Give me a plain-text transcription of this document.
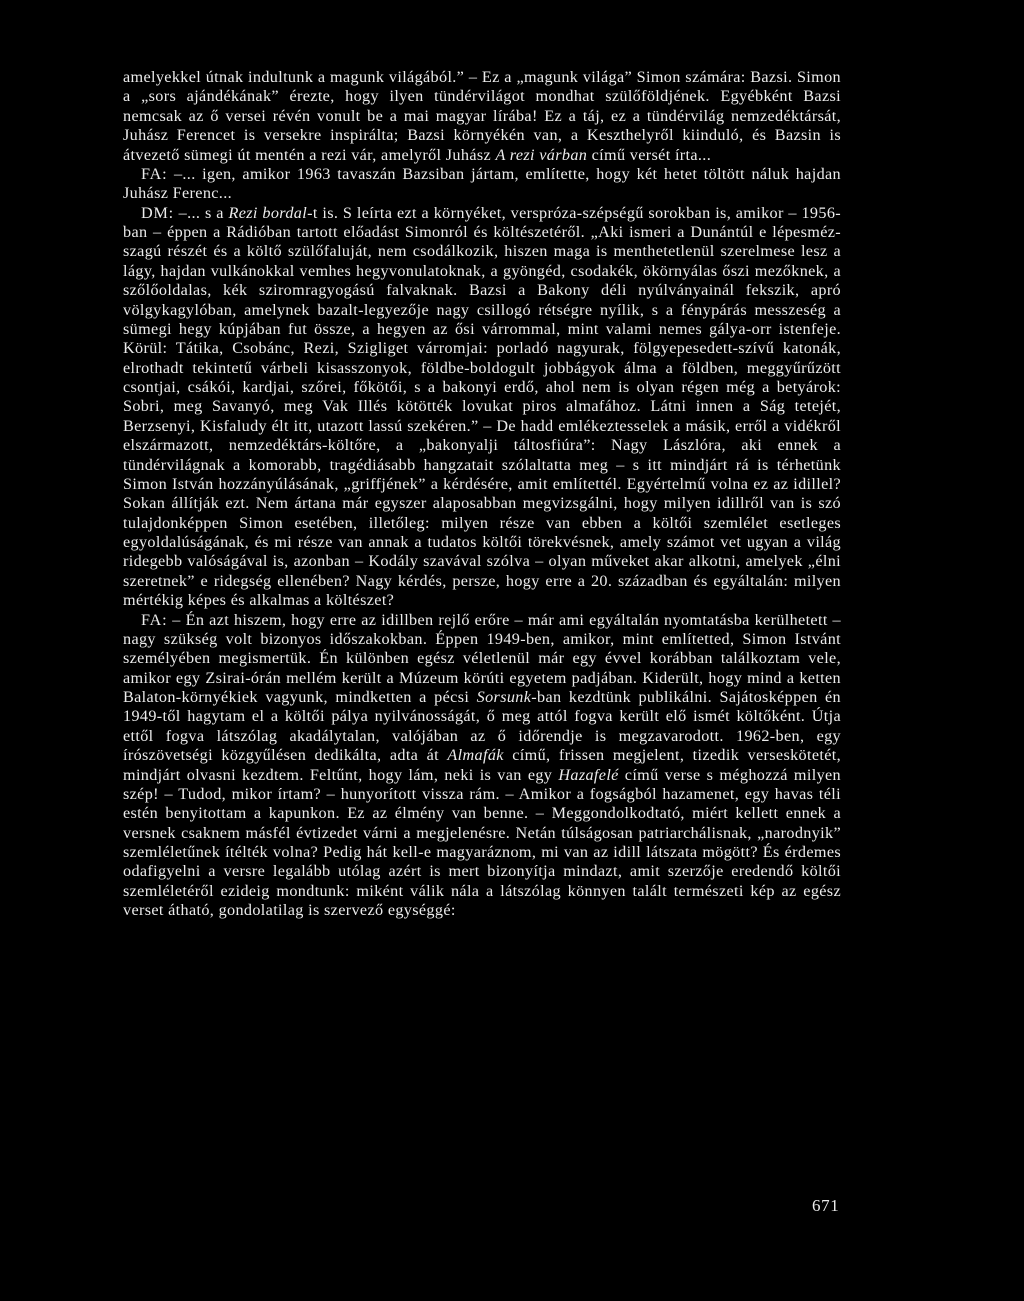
amelyekkel útnak indultunk a magunk világából.” – Ez a „magunk világa” Simon számára: Bazsi. Simon a „sors ajándékának” érezte, hogy ilyen tündérvilágot mondhat szülőföldjének. Egyébként Bazsi nemcsak az ő versei révén vonult be a mai magyar lírába! Ez a táj, ez a tündérvilág nemzedéktársát, Juhász Ferencet is versekre inspirálta; Bazsi környékén van, a Keszthelyről kiinduló, és Bazsin is átvezető sümegi út mentén a rezi vár, amelyről Juhász A rezi várban című versét írta...

FA: –... igen, amikor 1963 tavaszán Bazsiban jártam, említette, hogy két hetet töltött náluk hajdan Juhász Ferenc...

DM: –... s a Rezi bordal-t is. S leírta ezt a környéket, verspróza-szépségű sorokban is, amikor – 1956-ban – éppen a Rádióban tartott előadást Simonról és költészetéről. „Aki ismeri a Dunántúl e lépesméz-szagú részét és a költő szülőfaluját, nem csodálkozik, hiszen maga is menthetetlenül szerelmese lesz a lágy, hajdan vulkánokkal vemhes hegyvonulatoknak, a gyöngéd, csodakék, ökörnyálas őszi mezőknek, a szőlőoldalas, kék sziromragyogású falvaknak. Bazsi a Bakony déli nyúlványainál fekszik, apró völgykagylóban, amelynek bazalt-legyezője nagy csillogó rétségre nyílik, s a fénypárás messzeség a sümegi hegy kúpjában fut össze, a hegyen az ősi várrommal, mint valami nemes gálya-orr istenfeje. Körül: Tátika, Csobánc, Rezi, Szigliget várromjai: porladó nagyurak, fölgyepesedett-szívű katonák, elrothadt tekintetű várbeli kisasszonyok, földbe-boldogult jobbágyok álma a földben, meggyűrűzött csontjai, csákói, kardjai, szőrei, főkötői, s a bakonyi erdő, ahol nem is olyan régen még a betyárok: Sobri, meg Savanyó, meg Vak Illés kötötték lovukat piros almafához. Látni innen a Ság tetejét, Berzsenyi, Kisfaludy élt itt, utazott lassú szekéren.” – De hadd emlékeztesselek a másik, erről a vidékről elszármazott, nemzedéktárs-költőre, a „bakonyalji táltosfiúra”: Nagy Lászlóra, aki ennek a tündérvilágnak a komorabb, tragédiásabb hangzatait szólaltatta meg – s itt mindjárt rá is térhetünk Simon István hozzányúlásának, „griffjének” a kérdésére, amit említettél. Egyértelmű volna ez az idillel? Sokan állítják ezt. Nem ártana már egyszer alaposabban megvizsgálni, hogy milyen idillről van is szó tulajdonképpen Simon esetében, illetőleg: milyen része van ebben a költői szemlélet esetleges egyoldalúságának, és mi része van annak a tudatos költői törekvésnek, amely számot vet ugyan a világ ridegebb valóságával is, azonban – Kodály szavával szólva – olyan műveket akar alkotni, amelyek „élni szeretnek” e ridegség ellenében? Nagy kérdés, persze, hogy erre a 20. században és egyáltalán: milyen mértékig képes és alkalmas a költészet?

FA: – Én azt hiszem, hogy erre az idillben rejlő erőre – már ami egyáltalán nyomtatásba kerülhetett – nagy szükség volt bizonyos időszakokban. Éppen 1949-ben, amikor, mint említetted, Simon Istvánt személyében megismertük. Én különben egész véletlenül már egy évvel korábban találkoztam vele, amikor egy Zsirai-órán mellém került a Múzeum körúti egyetem padjában. Kiderült, hogy mind a ketten Balaton-környékiek vagyunk, mindketten a pécsi Sorsunk-ban kezdtünk publikálni. Sajátosképpen én 1949-től hagytam el a költői pálya nyilvánosságát, ő meg attól fogva került elő ismét költőként. Útja ettől fogva látszólag akadálytalan, valójában az ő időrendje is megzavarodott. 1962-ben, egy írószövetségi közgyűlésen dedikálta, adta át Almafák című, frissen megjelent, tizedik verseskötetét, mindjárt olvasni kezdtem. Feltűnt, hogy lám, neki is van egy Hazafelé című verse s méghozzá milyen szép! – Tudod, mikor írtam? – hunyorított vissza rám. – Amikor a fogságból hazamenet, egy havas téli estén benyitottam a kapunkon. Ez az élmény van benne. – Meggondolkodtató, miért kellett ennek a versnek csaknem másfél évtizedet várni a megjelenésre. Netán túlságosan patriarchálisnak, „narodnyik” szemléletűnek ítélték volna? Pedig hát kell-e magyaráznom, mi van az idill látszata mögött? És érdemes odafigyelni a versre legalább utólag azért is mert bizonyítja mindazt, amit szerzője eredendő költői szemléletéről ezideig mondtunk: miként válik nála a látszólag könnyen talált természeti kép az egész verset átható, gondolatilag is szervező egységgé:

671
